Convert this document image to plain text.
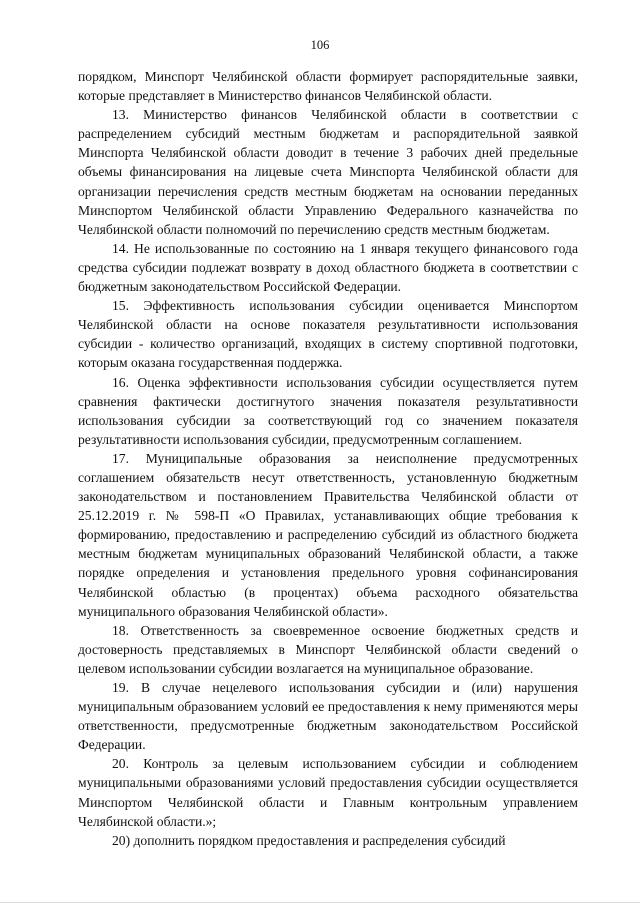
106

порядком, Минспорт Челябинской области формирует распорядительные заявки, которые представляет в Министерство финансов Челябинской области.

13. Министерство финансов Челябинской области в соответствии с распределением субсидий местным бюджетам и распорядительной заявкой Минспорта Челябинской области доводит в течение 3 рабочих дней предельные объемы финансирования на лицевые счета Минспорта Челябинской области для организации перечисления средств местным бюджетам на основании переданных Минспортом Челябинской области Управлению Федерального казначейства по Челябинской области полномочий по перечислению средств местным бюджетам.

14. Не использованные по состоянию на 1 января текущего финансового года средства субсидии подлежат возврату в доход областного бюджета в соответствии с бюджетным законодательством Российской Федерации.

15. Эффективность использования субсидии оценивается Минспортом Челябинской области на основе показателя результативности использования субсидии - количество организаций, входящих в систему спортивной подготовки, которым оказана государственная поддержка.

16. Оценка эффективности использования субсидии осуществляется путем сравнения фактически достигнутого значения показателя результативности использования субсидии за соответствующий год со значением показателя результативности использования субсидии, предусмотренным соглашением.

17. Муниципальные образования за неисполнение предусмотренных соглашением обязательств несут ответственность, установленную бюджетным законодательством и постановлением Правительства Челябинской области от 25.12.2019 г. № 598-П «О Правилах, устанавливающих общие требования к формированию, предоставлению и распределению субсидий из областного бюджета местным бюджетам муниципальных образований Челябинской области, а также порядке определения и установления предельного уровня софинансирования Челябинской областью (в процентах) объема расходного обязательства муниципального образования Челябинской области».

18. Ответственность за своевременное освоение бюджетных средств и достоверность представляемых в Минспорт Челябинской области сведений о целевом использовании субсидии возлагается на муниципальное образование.

19. В случае нецелевого использования субсидии и (или) нарушения муниципальным образованием условий ее предоставления к нему применяются меры ответственности, предусмотренные бюджетным законодательством Российской Федерации.

20. Контроль за целевым использованием субсидии и соблюдением муниципальными образованиями условий предоставления субсидии осуществляется Минспортом Челябинской области и Главным контрольным управлением Челябинской области.»;

20) дополнить порядком предоставления и распределения субсидий
